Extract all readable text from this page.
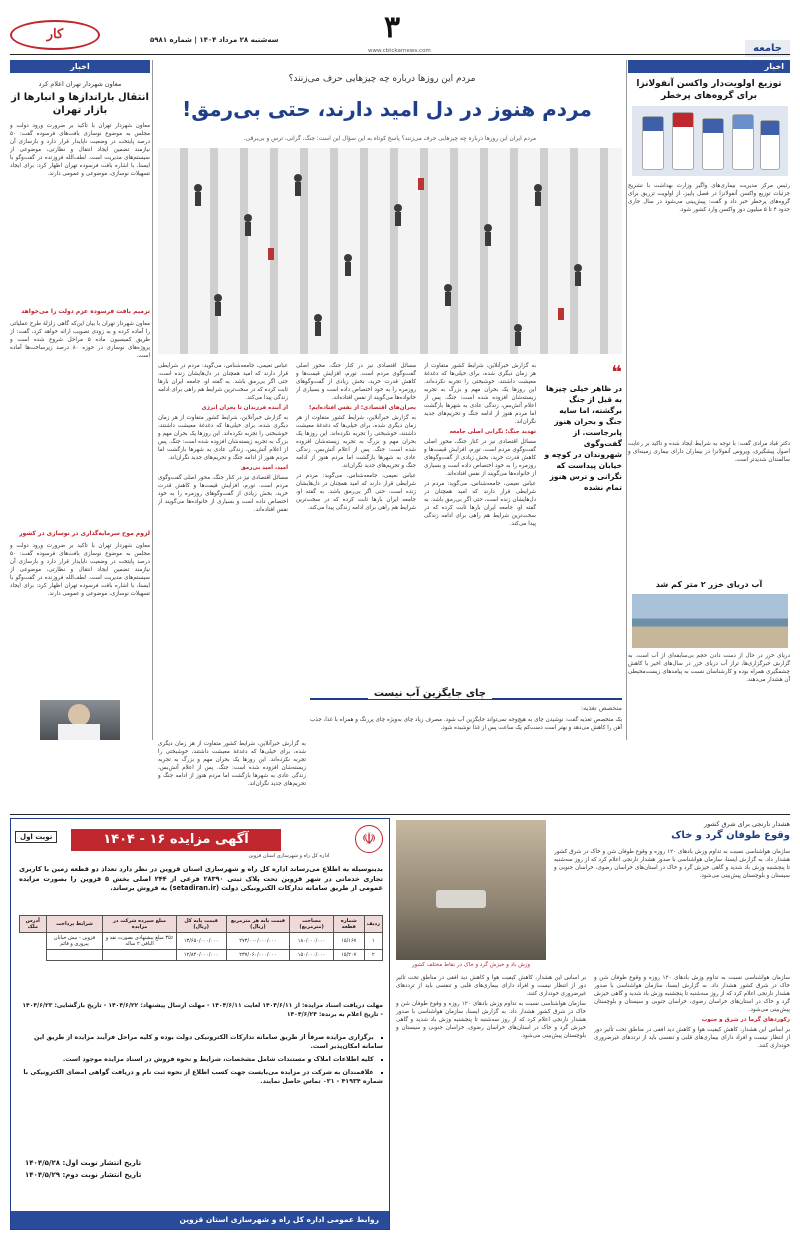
کار	سه‌شنبه ۲۸ مرداد ۱۴۰۴ | شماره ۵۹۸۱	۳
www.cbtckarnews.com	جامعه
اخبار
معاون شهردار تهران اعلام کرد
انتقال بارانداز‌ها و انبارها از بازار تهران
معاون شهردار تهران با تأکید بر ضرورت ورود دولت و مجلس به موضوع نوسازی بافت‌های فرسوده گفت: ۵۰ درصد پایتخت در وضعیت ناپایدار قرار دارد و بازسازی آن نیازمند تضمین ایجاد انتقال و نظارتی، موضوعی از سیستم‌های مدیریت است. لطف‌الله فروزنده در گفت‌وگو با ایسنا، با اشاره بافت فرسوده تهران اظهار کرد: برای ایجاد تسهیلات نوسازی، موضوعی و عمومی دارند.
ترمیم بافت فرسوده عزم دولت را می‌خواهد
معاون شهردار تهران با بیان این‌که گاهی زلزلۀ طرح عملیاتی را آماده کرده و به زودی تصویب ارائه خواهد کرد، گفت: از طریق کمیسیون ماده ۵ مراحل شروع شده است و پروژه‌های نوسازی در حوزه ۸۰ درصد زیرساخت‌ها آماده است.
لزوم موج سرمایه‌گذاری در نوسازی در کشور
معاون شهردار تهران با تأکید بر ضرورت ورود دولت و مجلس به موضوع نوسازی بافت‌های فرسوده گفت: ۵۰ درصد پایتخت در وضعیت ناپایدار قرار دارد و بازسازی آن نیازمند تضمین ایجاد انتقال و نظارتی، موضوعی از سیستم‌های مدیریت است. لطف‌الله فروزنده در گفت‌وگو با ایسنا، با اشاره بافت فرسوده تهران اظهار کرد: برای ایجاد تسهیلات نوسازی، موضوعی و عمومی دارند.
اخبار
توزیع اولویت‌دار واکسن آنفولانزا برای گروه‌های پرخطر
رئیس مرکز مدیریت بیماری‌های واگیر وزارت بهداشت با تشریح جزئیات توزیع واکسن آنفولانزا در فصل پاییز، از اولویت تزریق برای گروه‌های پرخطر خبر داد و گفت: پیش‌بینی می‌شود در سال جاری حدود ۴ تا ۵ میلیون دوز واکسن وارد کشور شود.
دکتر قباد مرادی گفت: با توجه به شرایط ایجاد شده و تأکید بر رعایت اصول پیشگیری، ویروس آنفولانزا در بیماران دارای بیماری زمینه‌ای و سالمندان شدیدتر است.
آب دریای خزر ۲ متر کم شد
دریای خزر در حال از دست دادن حجم بی‌سابقه‌ای از آب است. به گزارش خبرگزاری‌ها، تراز آب دریای خزر در سال‌های اخیر با کاهش چشمگیری همراه بوده و کارشناسان نسبت به پیامدهای زیست‌محیطی آن هشدار می‌دهند.
مردم این روز‌ها درباره چه چیزهایی حرف می‌زنند؟
مردم هنوز در دل امید دارند، حتی بی‌رمق!
مردم ایران این روزها درباره چه چیزهایی حرف می‌زنند؟ پاسخ کوتاه به این سؤال این است: جنگ، گرانی، ترس و بی‌برقی.
❝
در ظاهر خیلی چیزها به قبل از جنگ برگشته، اما سایه جنگ و بحران هنوز پابرجاست. از گفت‌وگوی شهروندان در کوچه و خیابان پیداست که نگرانی و ترس هنوز تمام نشده

به گزارش خبرآنلاین، شرایط کشور متفاوت از هر زمان دیگری شده، برای خیلی‌ها که دغدغۀ معیشت داشتند، خوشبختی را تجربه نکرده‌اند. این روز‌ها یک بحران مهم و بزرگ به تجربه زیسته‌شان افزوده شده است: جنگ. پس از اعلام آتش‌بس، زندگی عادی به شهرها بازگشت اما مردم هنوز از ادامه جنگ و تحریم‌های جدید نگران‌اند.

تهدید جنگ؛ نگرانی اصلی جامعه

مسائل اقتصادی نیز در کنار جنگ، محور اصلی گفت‌وگوی مردم است. تورم، افزایش قیمت‌ها و کاهش قدرت خرید، بخش زیادی از گفت‌وگوهای روزمره را به خود اختصاص داده است و بسیاری از خانواده‌ها می‌گویند از نفس افتاده‌اند.

عباس نعیمی، جامعه‌شناس، می‌گوید: مردم در شرایطی قرار دارند که امید همچنان در دل‌هایشان زنده است، حتی اگر بی‌رمق باشد. به گفته او، جامعه ایران بارها ثابت کرده که در سخت‌ترین شرایط هم راهی برای ادامه زندگی پیدا می‌کند.

مسائل اقتصادی نیز در کنار جنگ، محور اصلی گفت‌وگوی مردم است. تورم، افزایش قیمت‌ها و کاهش قدرت خرید، بخش زیادی از گفت‌وگوهای روزمره را به خود اختصاص داده است و بسیاری از خانواده‌ها می‌گویند از نفس افتاده‌اند.

بحران‌های اقتصادی؛ از نفس افتاده‌ایم!

به گزارش خبرآنلاین، شرایط کشور متفاوت از هر زمان دیگری شده، برای خیلی‌ها که دغدغۀ معیشت داشتند، خوشبختی را تجربه نکرده‌اند. این روز‌ها یک بحران مهم و بزرگ به تجربه زیسته‌شان افزوده شده است: جنگ. پس از اعلام آتش‌بس، زندگی عادی به شهرها بازگشت اما مردم هنوز از ادامه جنگ و تحریم‌های جدید نگران‌اند.

عباس نعیمی، جامعه‌شناس، می‌گوید: مردم در شرایطی قرار دارند که امید همچنان در دل‌هایشان زنده است، حتی اگر بی‌رمق باشد. به گفته او، جامعه ایران بارها ثابت کرده که در سخت‌ترین شرایط هم راهی برای ادامه زندگی پیدا می‌کند.

عباس نعیمی، جامعه‌شناس، می‌گوید: مردم در شرایطی قرار دارند که امید همچنان در دل‌هایشان زنده است، حتی اگر بی‌رمق باشد. به گفته او، جامعه ایران بارها ثابت کرده که در سخت‌ترین شرایط هم راهی برای ادامه زندگی پیدا می‌کند.

از آینده فرزندان تا بحران انرژی

به گزارش خبرآنلاین، شرایط کشور متفاوت از هر زمان دیگری شده، برای خیلی‌ها که دغدغۀ معیشت داشتند، خوشبختی را تجربه نکرده‌اند. این روز‌ها یک بحران مهم و بزرگ به تجربه زیسته‌شان افزوده شده است: جنگ. پس از اعلام آتش‌بس، زندگی عادی به شهرها بازگشت اما مردم هنوز از ادامه جنگ و تحریم‌های جدید نگران‌اند.

امید، امید بی‌رمق

مسائل اقتصادی نیز در کنار جنگ، محور اصلی گفت‌وگوی مردم است. تورم، افزایش قیمت‌ها و کاهش قدرت خرید، بخش زیادی از گفت‌وگوهای روزمره را به خود اختصاص داده است و بسیاری از خانواده‌ها می‌گویند از نفس افتاده‌اند.

متخصص تغذیه:
چای جایگزین آب نیست
یک متخصص تغذیه گفت: نوشیدن چای به هیچ‌وجه نمی‌تواند جایگزین آب شود. مصرف زیاد چای به‌ویژه چای پررنگ و همراه با غذا، جذب آهن را کاهش می‌دهد و بهتر است دست‌کم یک ساعت پس از غذا نوشیده شود.
به گزارش خبرآنلاین، شرایط کشور متفاوت از هر زمان دیگری شده، برای خیلی‌ها که دغدغۀ معیشت داشتند، خوشبختی را تجربه نکرده‌اند. این روز‌ها یک بحران مهم و بزرگ به تجربه زیسته‌شان افزوده شده است: جنگ. پس از اعلام آتش‌بس، زندگی عادی به شهرها بازگشت اما مردم هنوز از ادامه جنگ و تحریم‌های جدید نگران‌اند.
☫
اداره کل راه و شهرسازی استان قزوین
آگهی مزایده ۱۶ - ۱۴۰۴
نوبت اول
بدینوسیله به اطلاع می‌رساند اداره کل راه و شهرسازی استان قزوین در نظر دارد تعداد دو قطعه زمین با کاربری تجاری خدماتی در شهر قزوین تحت پلاک ثبتی ۲۸۳۹۰ فرعی از ۲۴۴ اصلی بخش ۵ قزوین را بصورت مزایده عمومی از طریق سامانه تدارکات الکترونیکی دولت (setadiran.ir) به فروش برساند.
ردیف	شماره قطعه	مساحت (مترمربع)	قیمت پایه هر مترمربع (ریال)	قیمت پایه کل (ریال)	مبلغ سپرده شرکت در مزایده	شرایط پرداخت	آدرس ملک
۱	۱۵/۱۶۷	۱۸۰/۰۰۰/۰۰۰	۲۷۳/۰۰۰/۰۰۰/۰۰۰	۱۳/۶۵۰/۰۰۰/۰۰۰	۳۵٪ مبلغ پیشنهادی بصورت نقد و الباقی ۲ ساله	قزوین - نیش خیابان پیروزی و قائم	
۲	۱۵/۲۰۷	۱۵۰/۰۰۰/۰۰۰	۲۳۷/۰۶۰/۰۰۰/۰۰۰	۱۲/۸۴۰/۰۰۰/۰۰۰			
مهلت دریافت اسناد مزایده: از ۱۴۰۴/۶/۱۱ لغایت ۱۴۰۴/۶/۱۱ - مهلت ارسال پیشنهاد: ۱۴۰۴/۶/۲۲ - تاریخ بازگشایی: ۱۴۰۴/۶/۲۳ - تاریخ اعلام به برنده: ۱۴۰۴/۶/۲۴
▪ برگزاری مزایده صرفاً از طریق سامانه تدارکات الکترونیکی دولت بوده و کلیه مراحل فرآیند مزایده از طریق این سامانه امکان‌پذیر است.
▪ کلیه اطلاعات املاک و مستندات شامل مشخصات، شرایط و نحوه فروش در اسناد مزایده موجود است.
▪ علاقمندان به شرکت در مزایده می‌بایست جهت کسب اطلاع از نحوه ثبت نام و دریافت گواهی امضای الکترونیکی با شماره ۴۱۹۳۴ - ۰۲۱ تماس حاصل نمایند.
تاریخ انتشار نوبت اول: ۱۴۰۴/۵/۲۸
تاریخ انتشار نوبت دوم: ۱۴۰۴/۵/۲۹
روابط عمومی اداره کل راه و شهرسازی استان قزوین
هشدار نارنجی برای شرق کشور
وقوع طوفان گرد و خاک
وزش باد و خیزش گرد و خاک در نقاط مختلف کشور
سازمان هواشناسی نسبت به تداوم وزش بادهای ۱۲۰ روزه و وقوع طوفان شن و خاک در شرق کشور هشدار داد. به گزارش ایسنا، سازمان هواشناسی با صدور هشدار نارنجی اعلام کرد که از روز سه‌شنبه تا پنجشنبه وزش باد شدید و گاهی خیزش گرد و خاک در استان‌های خراسان رضوی، خراسان جنوبی و سیستان و بلوچستان پیش‌بینی می‌شود.

بر اساس این هشدار، کاهش کیفیت هوا و کاهش دید افقی در مناطق تحت تأثیر دور از انتظار نیست و افراد دارای بیماری‌های قلبی و تنفسی باید از ترددهای غیرضروری خودداری کنند.

سازمان هواشناسی نسبت به تداوم وزش بادهای ۱۲۰ روزه و وقوع طوفان شن و خاک در شرق کشور هشدار داد. به گزارش ایسنا، سازمان هواشناسی با صدور هشدار نارنجی اعلام کرد که از روز سه‌شنبه تا پنجشنبه وزش باد شدید و گاهی خیزش گرد و خاک در استان‌های خراسان رضوی، خراسان جنوبی و سیستان و بلوچستان پیش‌بینی می‌شود.

سازمان هواشناسی نسبت به تداوم وزش بادهای ۱۲۰ روزه و وقوع طوفان شن و خاک در شرق کشور هشدار داد. به گزارش ایسنا، سازمان هواشناسی با صدور هشدار نارنجی اعلام کرد که از روز سه‌شنبه تا پنجشنبه وزش باد شدید و گاهی خیزش گرد و خاک در استان‌های خراسان رضوی، خراسان جنوبی و سیستان و بلوچستان پیش‌بینی می‌شود.

رکوردهای گرما در شرق و جنوب

بر اساس این هشدار، کاهش کیفیت هوا و کاهش دید افقی در مناطق تحت تأثیر دور از انتظار نیست و افراد دارای بیماری‌های قلبی و تنفسی باید از ترددهای غیرضروری خودداری کنند.
